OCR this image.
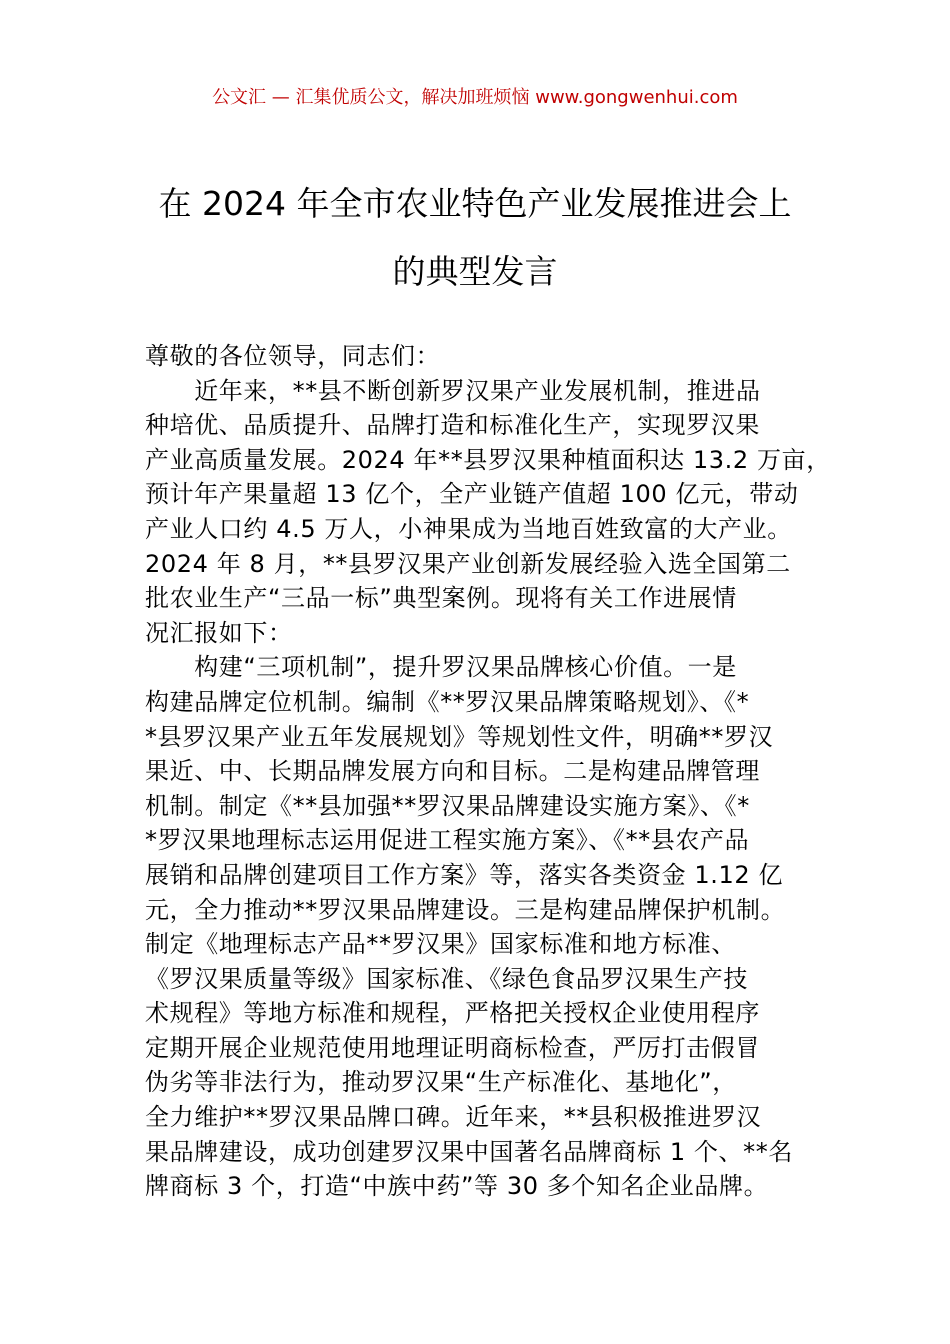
公文汇 — 汇集优质公文，解决加班烦恼 www.gongwenhui.com
在 2024 年全市农业特色产业发展推进会上
的典型发言

尊敬的各位领导，同志们：

　　近年来，**县不断创新罗汉果产业发展机制，推进品

种培优、品质提升、品牌打造和标准化生产，实现罗汉果

产业高质量发展。2024 年**县罗汉果种植面积达 13.2 万亩，

预计年产果量超 13 亿个，全产业链产值超 100 亿元，带动

产业人口约 4.5 万人，小神果成为当地百姓致富的大产业。

2024 年 8 月，**县罗汉果产业创新发展经验入选全国第二

批农业生产“三品一标”典型案例。现将有关工作进展情

况汇报如下：

　　构建“三项机制”，提升罗汉果品牌核心价值。一是

构建品牌定位机制。编制《**罗汉果品牌策略规划》、《*

*县罗汉果产业五年发展规划》等规划性文件，明确**罗汉

果近、中、长期品牌发展方向和目标。二是构建品牌管理

机制。制定《**县加强**罗汉果品牌建设实施方案》、《*

*罗汉果地理标志运用促进工程实施方案》、《**县农产品

展销和品牌创建项目工作方案》等，落实各类资金 1.12 亿

元，全力推动**罗汉果品牌建设。三是构建品牌保护机制。

制定《地理标志产品**罗汉果》国家标准和地方标准、

《罗汉果质量等级》国家标准、《绿色食品罗汉果生产技

术规程》等地方标准和规程，严格把关授权企业使用程序

定期开展企业规范使用地理证明商标检查，严厉打击假冒

伪劣等非法行为，推动罗汉果“生产标准化、基地化”，

全力维护**罗汉果品牌口碑。近年来，**县积极推进罗汉

果品牌建设，成功创建罗汉果中国著名品牌商标 1 个、**名

牌商标 3 个，打造“中族中药”等 30 多个知名企业品牌。
